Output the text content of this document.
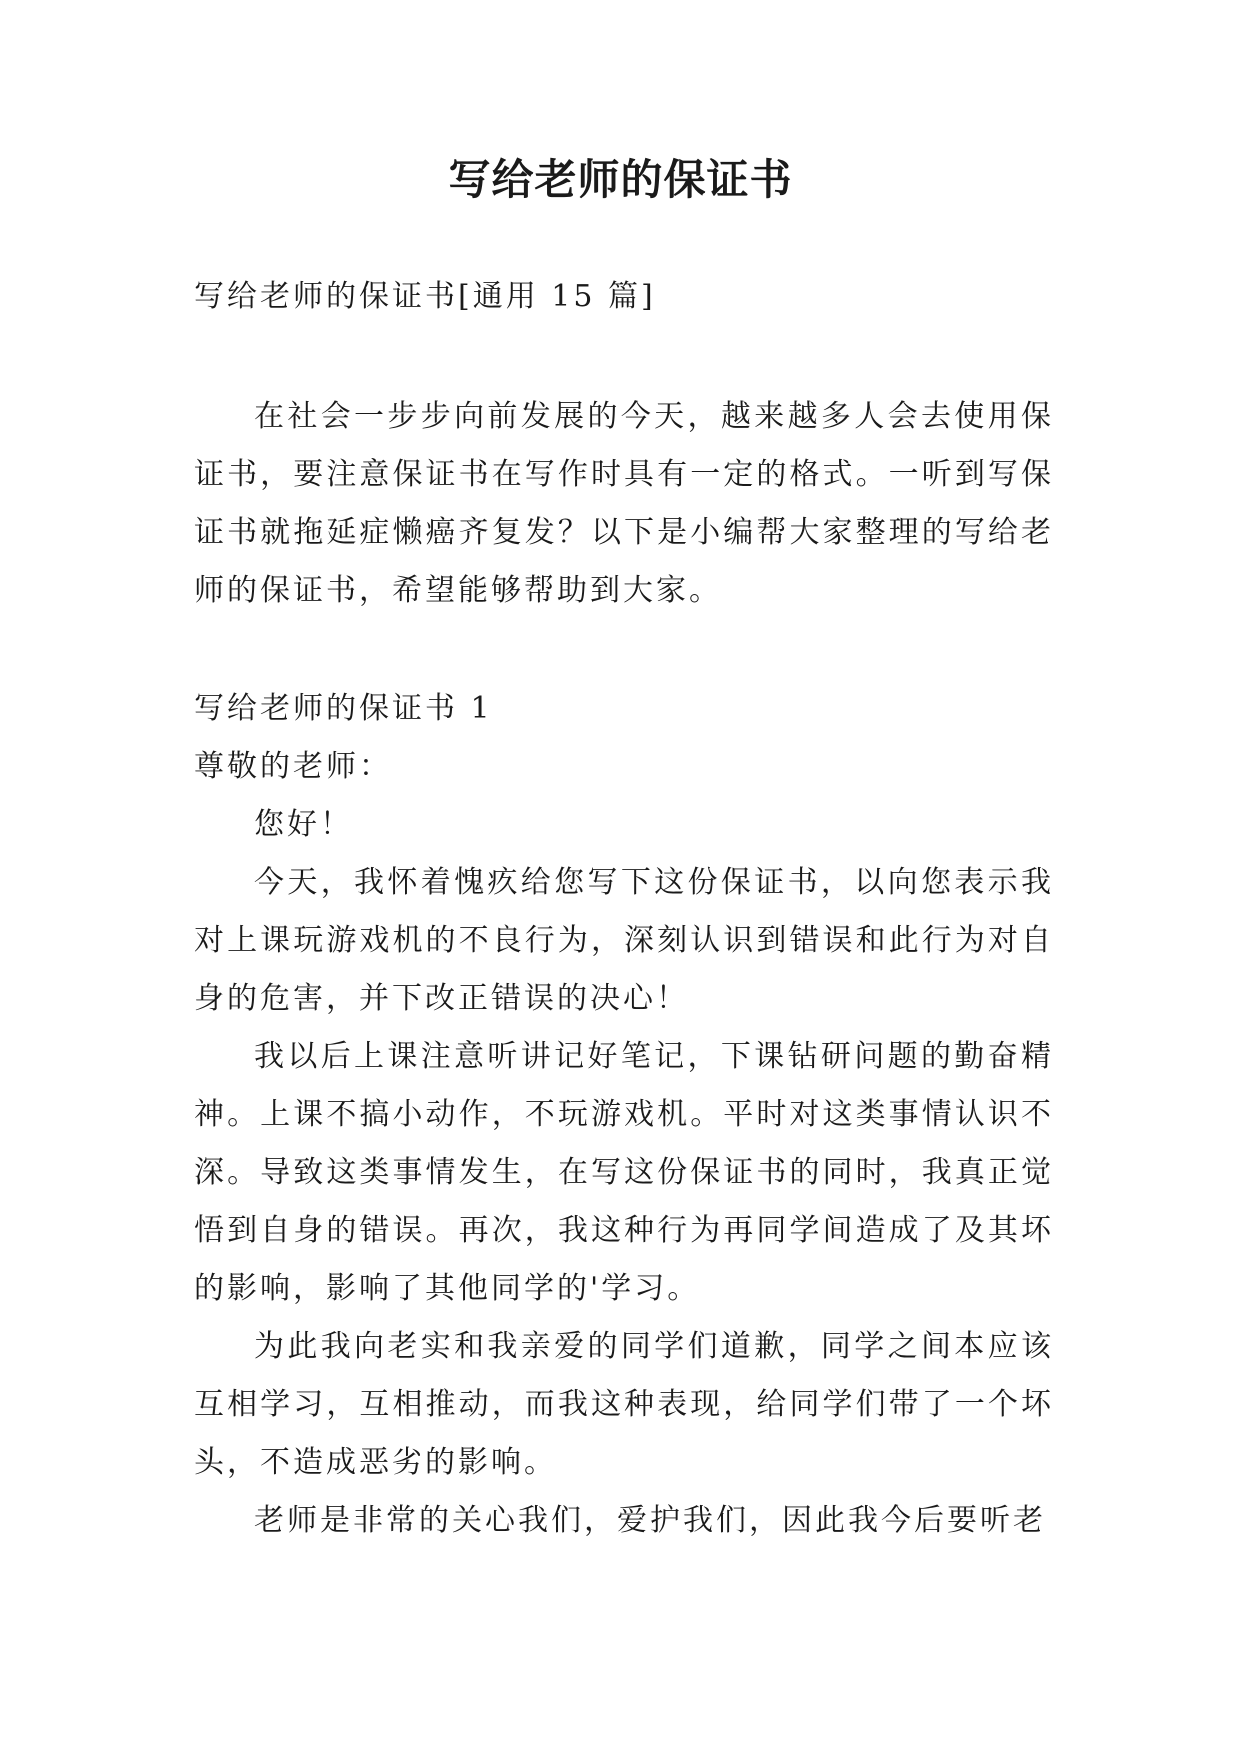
写给老师的保证书

写给老师的保证书[通用 15 篇]

在社会一步步向前发展的今天，越来越多人会去使用保证书，要注意保证书在写作时具有一定的格式。一听到写保证书就拖延症懒癌齐复发？以下是小编帮大家整理的写给老师的保证书，希望能够帮助到大家。

写给老师的保证书 1

尊敬的老师：

您好！

今天，我怀着愧疚给您写下这份保证书，以向您表示我对上课玩游戏机的不良行为，深刻认识到错误和此行为对自身的危害，并下改正错误的决心！

我以后上课注意听讲记好笔记，下课钻研问题的勤奋精神。上课不搞小动作，不玩游戏机。平时对这类事情认识不深。导致这类事情发生，在写这份保证书的同时，我真正觉悟到自身的错误。再次，我这种行为再同学间造成了及其坏的影响，影响了其他同学的'学习。

为此我向老实和我亲爱的同学们道歉，同学之间本应该互相学习，互相推动，而我这种表现，给同学们带了一个坏头，不造成恶劣的影响。

老师是非常的关心我们，爱护我们，因此我今后要听老
